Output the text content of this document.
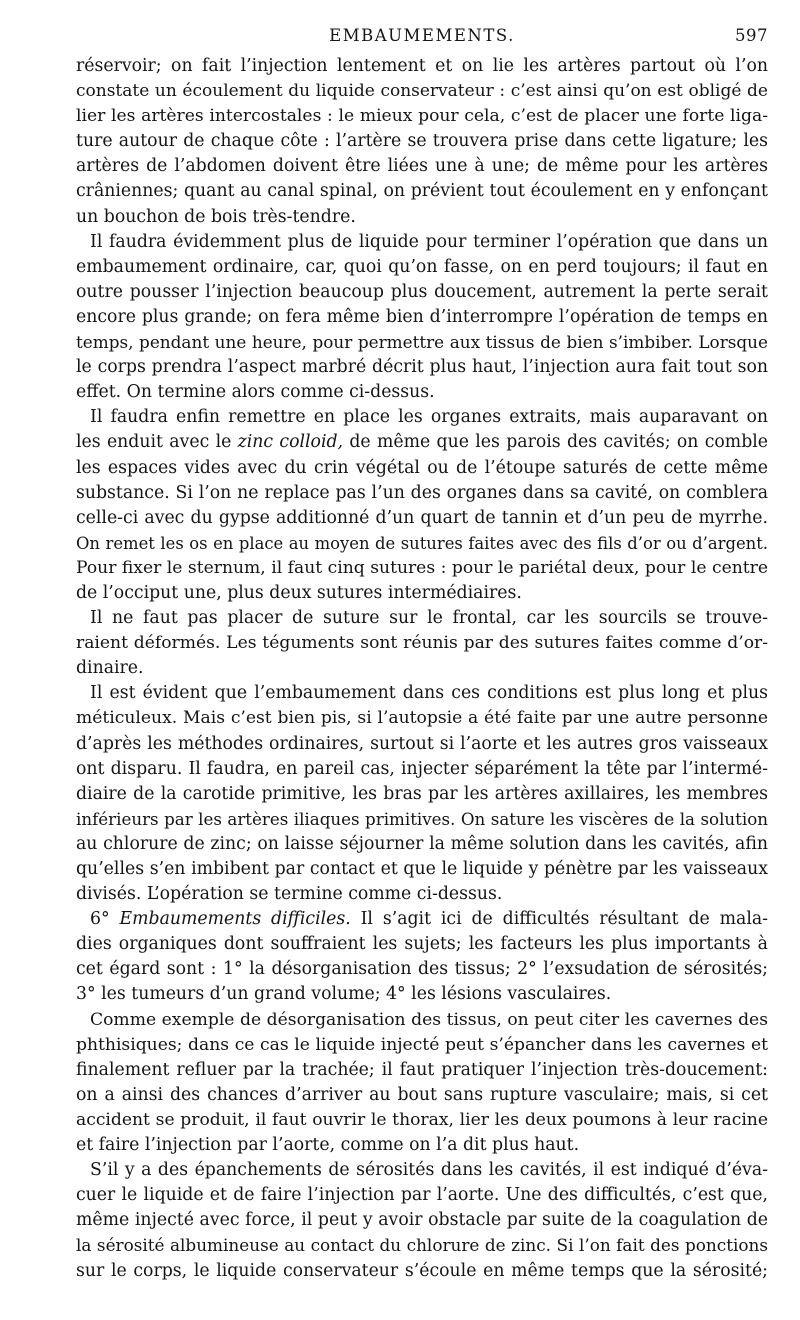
EMBAUMEMENTS.	597
réservoir; on fait l’injection lentement et on lie les artères partout où l’on
constate un écoulement du liquide conservateur : c’est ainsi qu’on est obligé de
lier les artères intercostales : le mieux pour cela, c’est de placer une forte liga-
ture autour de chaque côte : l’artère se trouvera prise dans cette ligature; les
artères de l’abdomen doivent être liées une à une; de même pour les artères
crâniennes; quant au canal spinal, on prévient tout écoulement en y enfonçant
un bouchon de bois très-tendre.
Il faudra évidemment plus de liquide pour terminer l’opération que dans un
embaumement ordinaire, car, quoi qu’on fasse, on en perd toujours; il faut en
outre pousser l’injection beaucoup plus doucement, autrement la perte serait
encore plus grande; on fera même bien d’interrompre l’opération de temps en
temps, pendant une heure, pour permettre aux tissus de bien s’imbiber. Lorsque
le corps prendra l’aspect marbré décrit plus haut, l’injection aura fait tout son
effet. On termine alors comme ci-dessus.
Il faudra enfin remettre en place les organes extraits, mais auparavant on
les enduit avec le zinc colloid, de même que les parois des cavités; on comble
les espaces vides avec du crin végétal ou de l’étoupe saturés de cette même
substance. Si l’on ne replace pas l’un des organes dans sa cavité, on comblera
celle-ci avec du gypse additionné d’un quart de tannin et d’un peu de myrrhe.
On remet les os en place au moyen de sutures faites avec des fils d’or ou d’argent.
Pour fixer le sternum, il faut cinq sutures : pour le pariétal deux, pour le centre
de l’occiput une, plus deux sutures intermédiaires.
Il ne faut pas placer de suture sur le frontal, car les sourcils se trouve-
raient déformés. Les téguments sont réunis par des sutures faites comme d’or-
dinaire.
Il est évident que l’embaumement dans ces conditions est plus long et plus
méticuleux. Mais c’est bien pis, si l’autopsie a été faite par une autre personne
d’après les méthodes ordinaires, surtout si l’aorte et les autres gros vaisseaux
ont disparu. Il faudra, en pareil cas, injecter séparément la tête par l’intermé-
diaire de la carotide primitive, les bras par les artères axillaires, les membres
inférieurs par les artères iliaques primitives. On sature les viscères de la solution
au chlorure de zinc; on laisse séjourner la même solution dans les cavités, afin
qu’elles s’en imbibent par contact et que le liquide y pénètre par les vaisseaux
divisés. L’opération se termine comme ci-dessus.
6° Embaumements difficiles. Il s’agit ici de difficultés résultant de mala-
dies organiques dont souffraient les sujets; les facteurs les plus importants à
cet égard sont : 1° la désorganisation des tissus; 2° l’exsudation de sérosités;
3° les tumeurs d’un grand volume; 4° les lésions vasculaires.
Comme exemple de désorganisation des tissus, on peut citer les cavernes des
phthisiques; dans ce cas le liquide injecté peut s’épancher dans les cavernes et
finalement refluer par la trachée; il faut pratiquer l’injection très-doucement:
on a ainsi des chances d’arriver au bout sans rupture vasculaire; mais, si cet
accident se produit, il faut ouvrir le thorax, lier les deux poumons à leur racine
et faire l’injection par l’aorte, comme on l’a dit plus haut.
S’il y a des épanchements de sérosités dans les cavités, il est indiqué d’éva-
cuer le liquide et de faire l’injection par l’aorte. Une des difficultés, c’est que,
même injecté avec force, il peut y avoir obstacle par suite de la coagulation de
la sérosité albumineuse au contact du chlorure de zinc. Si l’on fait des ponctions
sur le corps, le liquide conservateur s’écoule en même temps que la sérosité;
